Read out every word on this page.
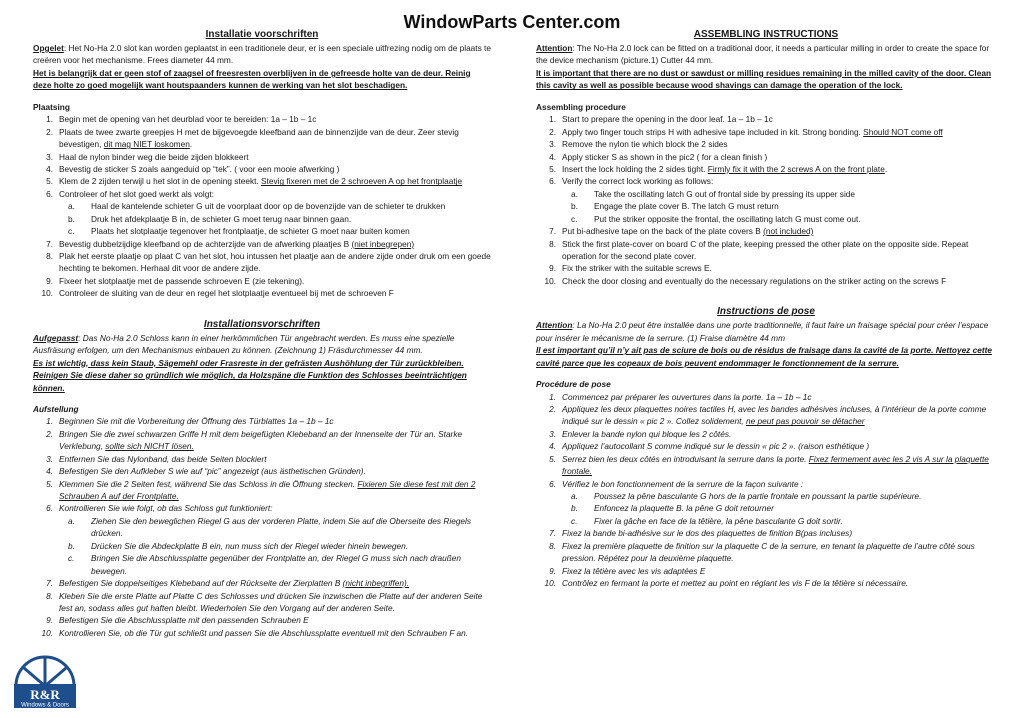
WindowParts Center.com
Installatie voorschriften
Opgelet: Het No-Ha 2.0 slot kan worden geplaatst in een traditionele deur, er is een speciale uitfrezing nodig om de plaats te creëren voor het mechanisme. Frees diameter 44 mm.
Het is belangrijk dat er geen stof of zaagsel of freesresten overblijven in de gefreesde holte van de deur. Reinig deze holte zo goed mogelijk want houtspaanders kunnen de werking van het slot beschadigen.
Plaatsing
1. Begin met de opening van het deurblad voor te bereiden: 1a – 1b – 1c
2. Plaats de twee zwarte greepjes H met de bijgevoegde kleefband aan de binnenzijde van de deur. Zeer stevig bevestigen, dit mag NIET loskomen.
3. Haal de nylon binder weg die beide zijden blokkeert
4. Bevestig de sticker S zoals aangeduid op “tek”. ( voor een mooie afwerking )
5. Klem de 2 zijden terwijl u het slot in de opening steekt. Stevig fixeren met de 2 schroeven A op het frontplaatje
6. Controleer of het slot goed werkt als volgt:
a. Haal de kantelende schieter G uit de voorplaat door op de bovenzijde van de schieter te drukken
b. Druk het afdekplaatje B in, de schieter G moet terug naar binnen gaan.
c. Plaats het slotplaatje tegenover het frontplaatje, de schieter G moet naar buiten komen
7. Bevestig dubbelzijdige kleefband op de achterzijde van de afwerking plaatjes B (niet inbegrepen)
8. Plak het eerste plaatje op plaat C van het slot, hou intussen het plaatje aan de andere zijde onder druk om een goede hechting te bekomen. Herhaal dit voor de andere zijde.
9. Fixeer het slotplaatje met de passende schroeven E (zie tekening).
10. Controleer de sluiting van de deur en regel het slotplaatje eventueel bij met de schroeven F
Installationsvorschriften
Aufgepasst: Das No-Ha 2.0 Schloss kann in einer herkömmlichen Tür angebracht werden. Es muss eine spezielle Ausfräsung erfolgen, um den Mechanismus einbauen zu können. (Zeichnung 1) Fräsdurchmesser 44 mm.
Es ist wichtig, dass kein Staub, Sägemehl oder Frasreste in der gefrästen Aushöhlung der Tür zurückbleiben. Reinigen Sie diese daher so gründlich wie möglich, da Holzspäne die Funktion des Schlosses beeinträchtigen können.
Aufstellung
1. Beginnen Sie mit die Vorbereitung der Öffnung des Türblattes 1a – 1b – 1c
2. Bringen Sie die zwei schwarzen Griffe H mit dem beigefügten Klebeband an der Innenseite der Tür an. Starke Verklebung, sollte sich NICHT lösen.
3. Entfernen Sie das Nylonband, das beide Seiten blockiert
4. Befestigen Sie den Aufkleber S wie auf “pic” angezeigt (aus ästhetischen Gründen).
5. Klemmen Sie die 2 Seiten fest, während Sie das Schloss in die Öffnung stecken. Fixieren Sie diese fest mit den 2 Schrauben A auf der Frontplatte.
6. Kontrollieren Sie wie folgt, ob das Schloss gut funktioniert:
a. Ziehen Sie den beweglichen Riegel G aus der vorderen Platte, indem Sie auf die Oberseite des Riegels drücken.
b. Drücken Sie die Abdeckplatte B ein, nun muss sich der Riegel wieder hinein bewegen.
c. Bringen Sie die Abschlussplatte gegenüber der Frontplatte an, der Riegel G muss sich nach draußen bewegen.
7. Befestigen Sie doppelseitiges Klebeband auf der Rückseite der Zierplatten B (nicht inbegriffen).
8. Kleben Sie die erste Platte auf Platte C des Schlosses und drücken Sie inzwischen die Platte auf der anderen Seite fest an, sodass alles gut haften bleibt. Wiederholen Sie den Vorgang auf der anderen Seite.
9. Befestigen Sie die Abschlussplatte mit den passenden Schrauben E
10. Kontrollieren Sie, ob die Tür gut schließt und passen Sie die Abschlussplatte eventuell mit den Schrauben F an.
ASSEMBLING INSTRUCTIONS
Attention: The No-Ha 2.0 lock can be fitted on a traditional door, it needs a particular milling in order to create the space for the device mechanism (picture.1) Cutter 44 mm.
It is important that there are no dust or sawdust or milling residues remaining in the milled cavity of the door. Clean this cavity as well as possible because wood shavings can damage the operation of the lock.
Assembling procedure
1. Start to prepare the opening in the door leaf. 1a – 1b – 1c
2. Apply two finger touch strips H with adhesive tape included in kit. Strong bonding. Should NOT come off
3. Remove the nylon tie which block the 2 sides
4. Apply sticker S as shown in the pic2 ( for a clean finish )
5. Insert the lock holding the 2 sides tight. Firmly fix it with the 2 screws A on the front plate.
6. Verify the correct lock working as follows:
a. Take the oscillating latch G out of frontal side by pressing its upper side
b. Engage the plate cover B. The latch G must return
c. Put the striker opposite the frontal, the oscillating latch G must come out.
7. Put bi-adhesive tape on the back of the plate covers B (not included)
8. Stick the first plate-cover on board C of the plate, keeping pressed the other plate on the opposite side. Repeat operation for the second plate cover.
9. Fix the striker with the suitable screws E.
10. Check the door closing and eventually do the necessary regulations on the striker acting on the screws F
Instructions de pose
Attention: La No-Ha 2.0 peut être installée dans une porte traditionnelle, il faut faire un fraisage spécial pour créer l’espace pour insérer le mécanisme de la serrure. (1) Fraise diamètre 44 mm
Il est important qu’il n’y ait pas de sciure de bois ou de résidus de fraisage dans la cavité de la porte. Nettoyez cette cavité parce que les copeaux de bois peuvent endommager le fonctionnement de la serrure.
Procédure de pose
1. Commencez par préparer les ouvertures dans la porte. 1a – 1b – 1c
2. Appliquez les deux plaquettes noires tactiles H, avec les bandes adhésives incluses, à l’intérieur de la porte comme indiqué sur le dessin « pic 2 ». Collez solidement, ne peut pas pouvoir se détacher
3. Enlever la bande nylon qui bloque les 2 côtés.
4. Appliquez l’autocollant S comme indiqué sur le dessin « pic 2 ». (raison esthétique )
5. Serrez bien les deux côtés en introduisant la serrure dans la porte. Fixez fermement avec les 2 vis A sur la plaquette frontale.
6. Vérifiez le bon fonctionnement de la serrure de la façon suivante :
a. Poussez la pêne basculante G hors de la partie frontale en poussant la partie supérieure.
b. Enfoncez la plaquette B. la pêne G doit retourner
c. Fixer la gâche en face de la têtière, la pêne basculante G doit sortir.
7. Fixez la bande bi-adhésive sur le dos des plaquettes de finition B(pas incluses)
8. Fixez la première plaquette de finition sur la plaquette C de la serrure, en tenant la plaquette de l’autre côté sous pression. Répétez pour la deuxième plaquette.
9. Fixez la têtière avec les vis adaptées E
10. Contrôlez en fermant la porte et mettez au point en réglant les vis F de la têtière si nécessaire.
R&R
Windows & Doors
